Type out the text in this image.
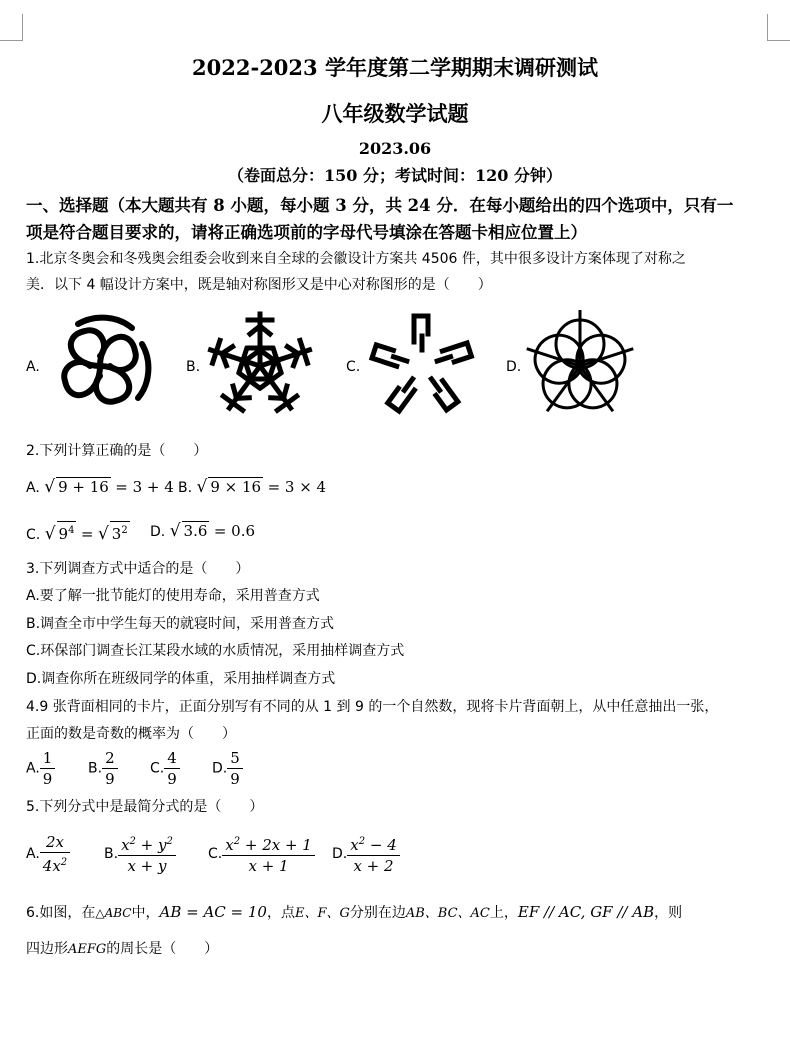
2022-2023 学年度第二学期期末调研测试
八年级数学试题
2023.06
（卷面总分：150 分；考试时间：120 分钟）
一、选择题（本大题共有 8 小题，每小题 3 分，共 24 分．在每小题给出的四个选项中，只有一
项是符合题目要求的，请将正确选项前的字母代号填涂在答题卡相应位置上）
1.北京冬奥会和冬残奥会组委会收到来自全球的会徽设计方案共 4506 件，其中很多设计方案体现了对称之
美．以下 4 幅设计方案中，既是轴对称图形又是中心对称图形的是（　　）
A.	B.	C.	D.
2.下列计算正确的是（　　）
A. √ 9 + 16 = 3 + 4 B. √ 9 × 16 = 3 × 4
C. √ $9^4$ = √ $3^2$ D. √ 3.6 = 0.6
3.下列调查方式中适合的是（　　）
A.要了解一批节能灯的使用寿命，采用普查方式
B.调查全市中学生每天的就寝时间，采用普查方式
C.环保部门调查长江某段水域的水质情况，采用抽样调查方式
D.调查你所在班级同学的体重，采用抽样调查方式
4.9 张背面相同的卡片，正面分别写有不同的从 1 到 9 的一个自然数，现将卡片背面朝上，从中任意抽出一张，
正面的数是奇数的概率为（　　）
A. $\frac{1}{9} B$. $\frac{2}{9} C$. $\frac{4}{9} D$. $\frac{5}{9}$
5.下列分式中是最简分式的是（　　）
A. $\frac{2x}{4x^2} B$. $\frac{x^2 + y^2}{x + y} C$. $\frac{x^2 + 2x + 1}{x + 1} D$. $\frac{x^2 - 4}{x + 2}$
6.如图，在△ABC中，AB = AC = 10，点E、F、G分别在边AB、BC、AC上，EF // AC, GF // AB，则
四边形AEFG的周长是（　　）
